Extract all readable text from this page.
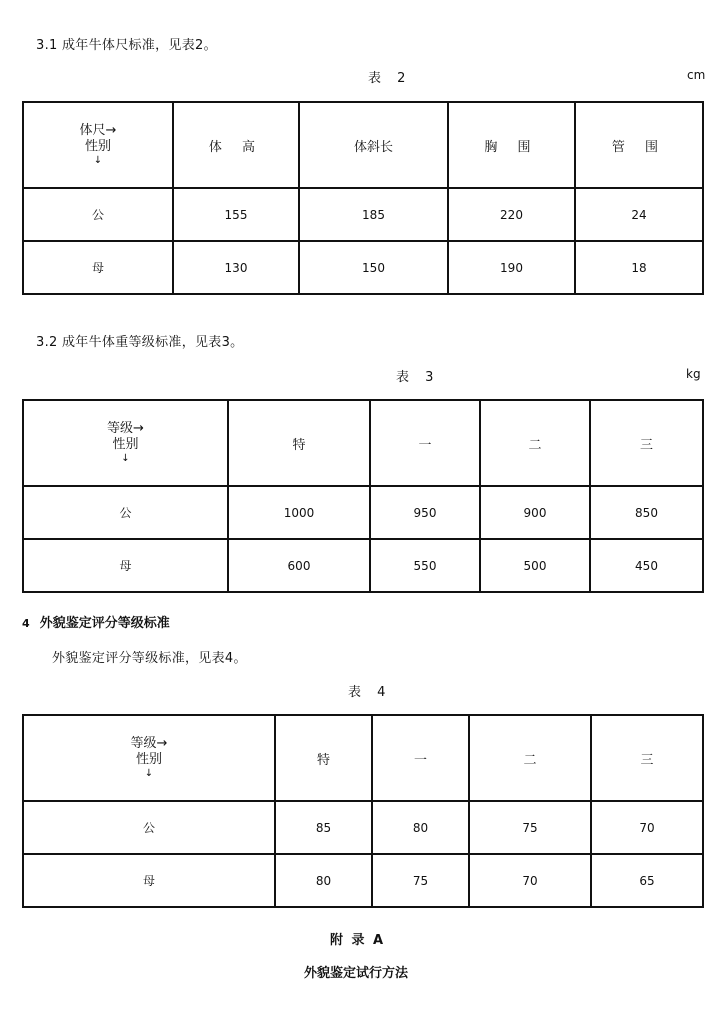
3.1 成年牛体尺标准，见表2。
表 2	cm
体尺→
性别
↓	体 高	体斜长	胸 围	管 围
公	155	185	220	24
母	130	150	190	18
3.2 成年牛体重等级标准，见表3。
表 3	kg
等级→
性别
↓	特	一	二	三
公	1000	950	900	850
母	600	550	500	450
4 外貌鉴定评分等级标准
外貌鉴定评分等级标准，见表4。
表 4
等级→
性别
↓	特	一	二	三
公	85	80	75	70
母	80	75	70	65
附 录 A
外貌鉴定试行方法
